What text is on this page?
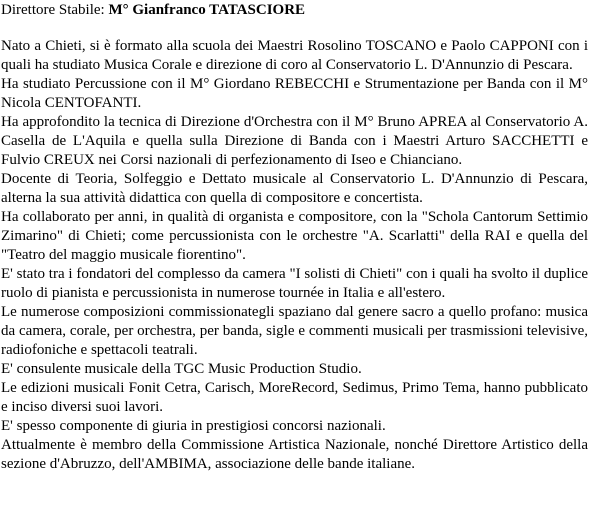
Direttore Stabile: M° Gianfranco TATASCIORE

Nato a Chieti, si è formato alla scuola dei Maestri Rosolino TOSCANO e Paolo CAPPONI con i quali ha studiato Musica Corale e direzione di coro al Conservatorio L. D'Annunzio di Pescara.

Ha studiato Percussione con il M° Giordano REBECCHI e Strumentazione per Banda con il M° Nicola CENTOFANTI.

Ha approfondito la tecnica di Direzione d'Orchestra con il M° Bruno APREA al Conservatorio A. Casella de L'Aquila e quella sulla Direzione di Banda con i Maestri Arturo SACCHETTI e Fulvio CREUX nei Corsi nazionali di perfezionamento di Iseo e Chianciano.

Docente di Teoria, Solfeggio e Dettato musicale al Conservatorio L. D'Annunzio di Pescara, alterna la sua attività didattica con quella di compositore e concertista.

Ha collaborato per anni, in qualità di organista e compositore, con la "Schola Cantorum Settimio Zimarino" di Chieti; come percussionista con le orchestre "A. Scarlatti" della RAI e quella del "Teatro del maggio musicale fiorentino".

E' stato tra i fondatori del complesso da camera "I solisti di Chieti" con i quali ha svolto il duplice ruolo di pianista e percussionista in numerose tournée in Italia e all'estero.

Le numerose composizioni commissionategli spaziano dal genere sacro a quello profano: musica da camera, corale, per orchestra, per banda, sigle e commenti musicali per trasmissioni televisive, radiofoniche e spettacoli teatrali.

E' consulente musicale della TGC Music Production Studio.

Le edizioni musicali Fonit Cetra, Carisch, MoreRecord, Sedimus, Primo Tema, hanno pubblicato e inciso diversi suoi lavori.

E' spesso componente di giuria in prestigiosi concorsi nazionali.

Attualmente è membro della Commissione Artistica Nazionale, nonché Direttore Artistico della sezione d'Abruzzo, dell'AMBIMA, associazione delle bande italiane.
